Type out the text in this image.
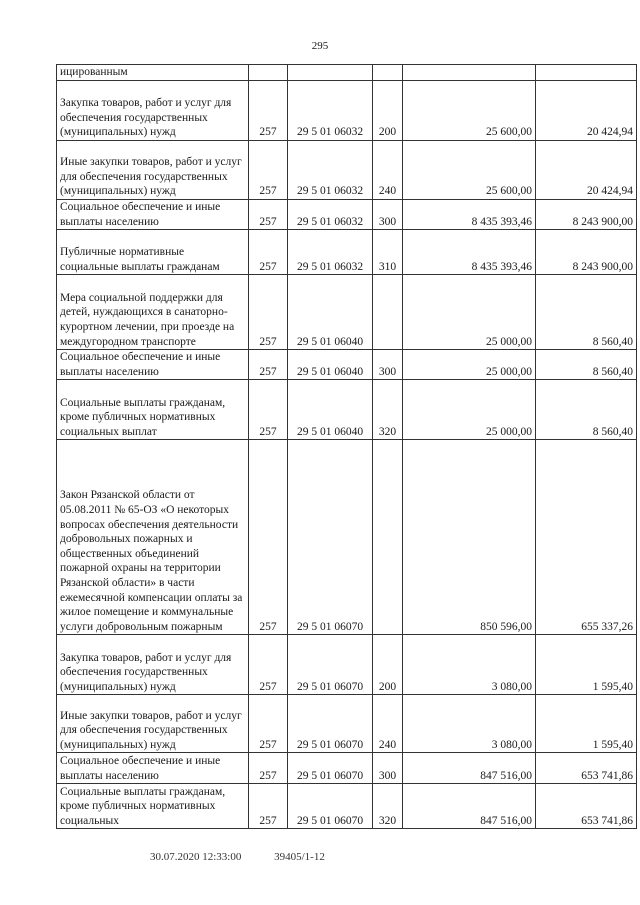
295
ицированным					
Закупка товаров, работ и услуг для обеспечения государственных (муниципальных) нужд	257	29 5 01 06032	200	25 600,00	20 424,94
Иные закупки товаров, работ и услуг для обеспечения государственных (муниципальных) нужд	257	29 5 01 06032	240	25 600,00	20 424,94
Социальное обеспечение и иные выплаты населению	257	29 5 01 06032	300	8 435 393,46	8 243 900,00
Публичные нормативные социальные выплаты гражданам	257	29 5 01 06032	310	8 435 393,46	8 243 900,00
Мера социальной поддержки для детей, нуждающихся в санаторно-курортном лечении, при проезде на междугородном транспорте	257	29 5 01 06040		25 000,00	8 560,40
Социальное обеспечение и иные выплаты населению	257	29 5 01 06040	300	25 000,00	8 560,40
Социальные выплаты гражданам, кроме публичных нормативных социальных выплат	257	29 5 01 06040	320	25 000,00	8 560,40
Закон Рязанской области от 05.08.2011 № 65-ОЗ «О некоторых вопросах обеспечения деятельности добровольных пожарных и общественных объединений пожарной охраны на территории Рязанской области» в части ежемесячной компенсации оплаты за жилое помещение и коммунальные услуги добровольным пожарным	257	29 5 01 06070		850 596,00	655 337,26
Закупка товаров, работ и услуг для обеспечения государственных (муниципальных) нужд	257	29 5 01 06070	200	3 080,00	1 595,40
Иные закупки товаров, работ и услуг для обеспечения государственных (муниципальных) нужд	257	29 5 01 06070	240	3 080,00	1 595,40
Социальное обеспечение и иные выплаты населению	257	29 5 01 06070	300	847 516,00	653 741,86
Социальные выплаты гражданам, кроме публичных нормативных социальных	257	29 5 01 06070	320	847 516,00	653 741,86
30.07.2020 12:33:00	39405/1-12
